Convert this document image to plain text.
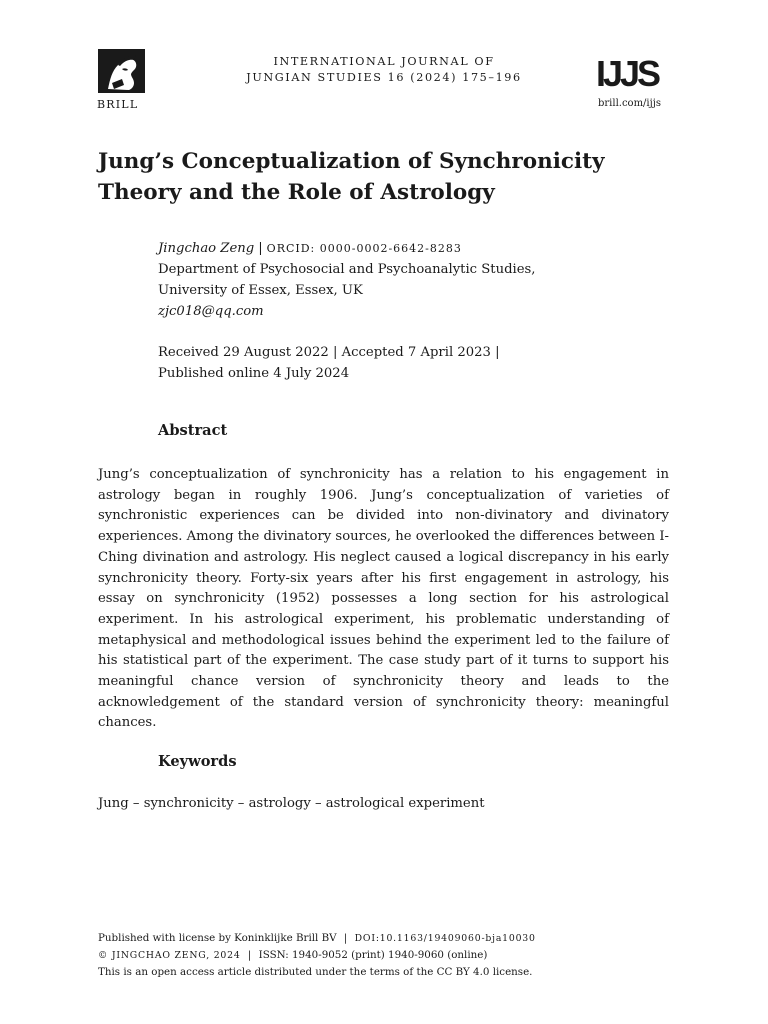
BRILL
INTERNATIONAL JOURNAL OF
JUNGIAN STUDIES 16 (2024) 175–196	IJJS
brill.com/ijjs
Jung’s Conceptualization of Synchronicity Theory and the Role of Astrology
Jingchao Zeng | ORCID: 0000-0002-6642-8283
Department of Psychosocial and Psychoanalytic Studies,
University of Essex, Essex, UK
zjc018@qq.com
Received 29 August 2022 | Accepted 7 April 2023 |
Published online 4 July 2024
Abstract
Jung’s conceptualization of synchronicity has a relation to his engagement in astrology began in roughly 1906. Jung’s conceptualization of varieties of synchronistic experiences can be divided into non-divinatory and divinatory experiences. Among the divinatory sources, he overlooked the differences between I-Ching divination and astrology. His neglect caused a logical discrepancy in his early synchronicity theory. Forty-six years after his first engagement in astrology, his essay on synchronicity (1952) possesses a long section for his astrological experiment. In his astrological experiment, his problematic understanding of metaphysical and methodological issues behind the experiment led to the failure of his statistical part of the experiment. The case study part of it turns to support his meaningful chance version of synchronicity theory and leads to the acknowledgement of the standard version of synchronicity theory: meaningful chances.
Keywords
Jung – synchronicity – astrology – astrological experiment
Published with license by Koninklijke Brill BV | DOI:10.1163/19409060-bja10030
© JINGCHAO ZENG, 2024 | ISSN: 1940-9052 (print) 1940-9060 (online)
This is an open access article distributed under the terms of the CC BY 4.0 license.
